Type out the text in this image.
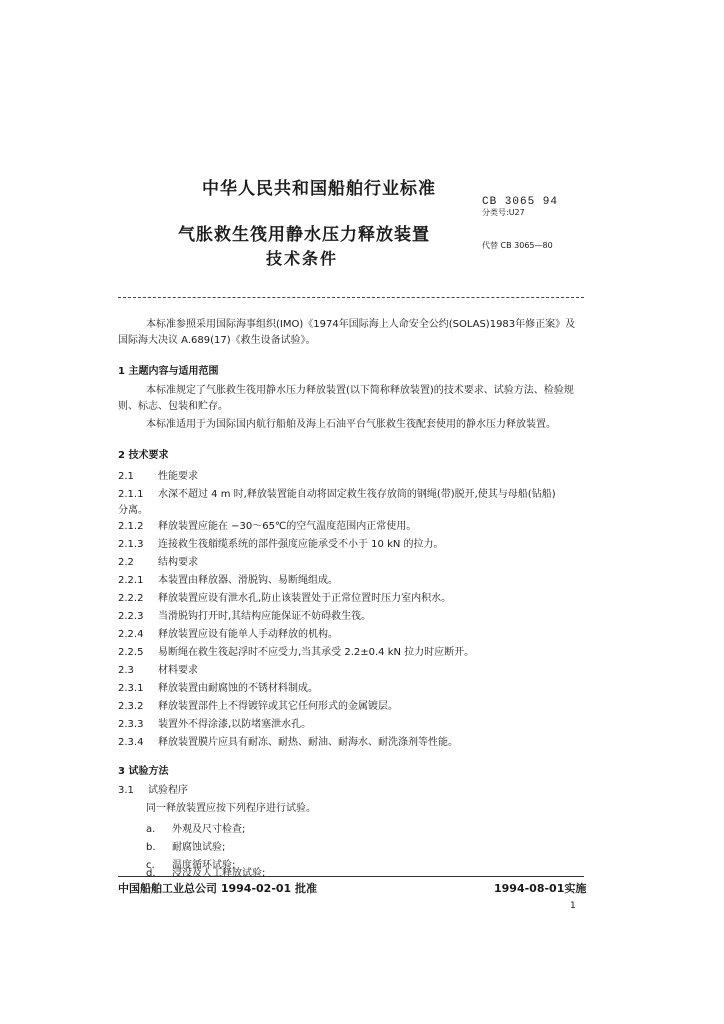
中华人民共和国船舶行业标准
CB 3065 94
分类号:U27
气胀救生筏用静水压力释放装置
技术条件
代替 CB 3065—80
本标准参照采用国际海事组织(IMO)《1974年国际海上人命安全公约(SOLAS)1983年修正案》及
国际海大决议 A.689(17)《救生设备试验》。
1 主题内容与适用范围
本标准规定了气胀救生筏用静水压力释放装置(以下简称释放装置)的技术要求、试验方法、检验规
则、标志、包装和贮存。
本标准适用于为国际国内航行船舶及海上石油平台气胀救生筏配套使用的静水压力释放装置。
2 技术要求
2.1 性能要求
2.1.1 水深不超过 4 m 时,释放装置能自动将固定救生筏存放筒的钢绳(带)脱开,使其与母船(钻船)
分离。
2.1.2 释放装置应能在 −30～65℃的空气温度范围内正常使用。
2.1.3 连接救生筏艏缆系统的部件强度应能承受不小于 10 kN 的拉力。
2.2 结构要求
2.2.1 本装置由释放器、滑脱钩、易断绳组成。
2.2.2 释放装置应设有泄水孔,防止该装置处于正常位置时压力室内积水。
2.2.3 当滑脱钩打开时,其结构应能保证不妨碍救生筏。
2.2.4 释放装置应设有能单人手动释放的机构。
2.2.5 易断绳在救生筏起浮时不应受力,当其承受 2.2±0.4 kN 拉力时应断开。
2.3 材料要求
2.3.1 释放装置由耐腐蚀的不锈材料制成。
2.3.2 释放装置部件上不得镀锌或其它任何形式的金属镀层。
2.3.3 装置外不得涂漆,以防堵塞泄水孔。
2.3.4 释放装置膜片应具有耐冻、耐热、耐油、耐海水、耐洗涤剂等性能。
3 试验方法
3.1 试验程序
同一释放装置应按下列程序进行试验。
a. 外观及尺寸检查;
b. 耐腐蚀试验;
c. 温度循环试验;
d. 浸没及人工释放试验;
中国船舶工业总公司 1994-02-01 批准	1994-08-01实施
1
